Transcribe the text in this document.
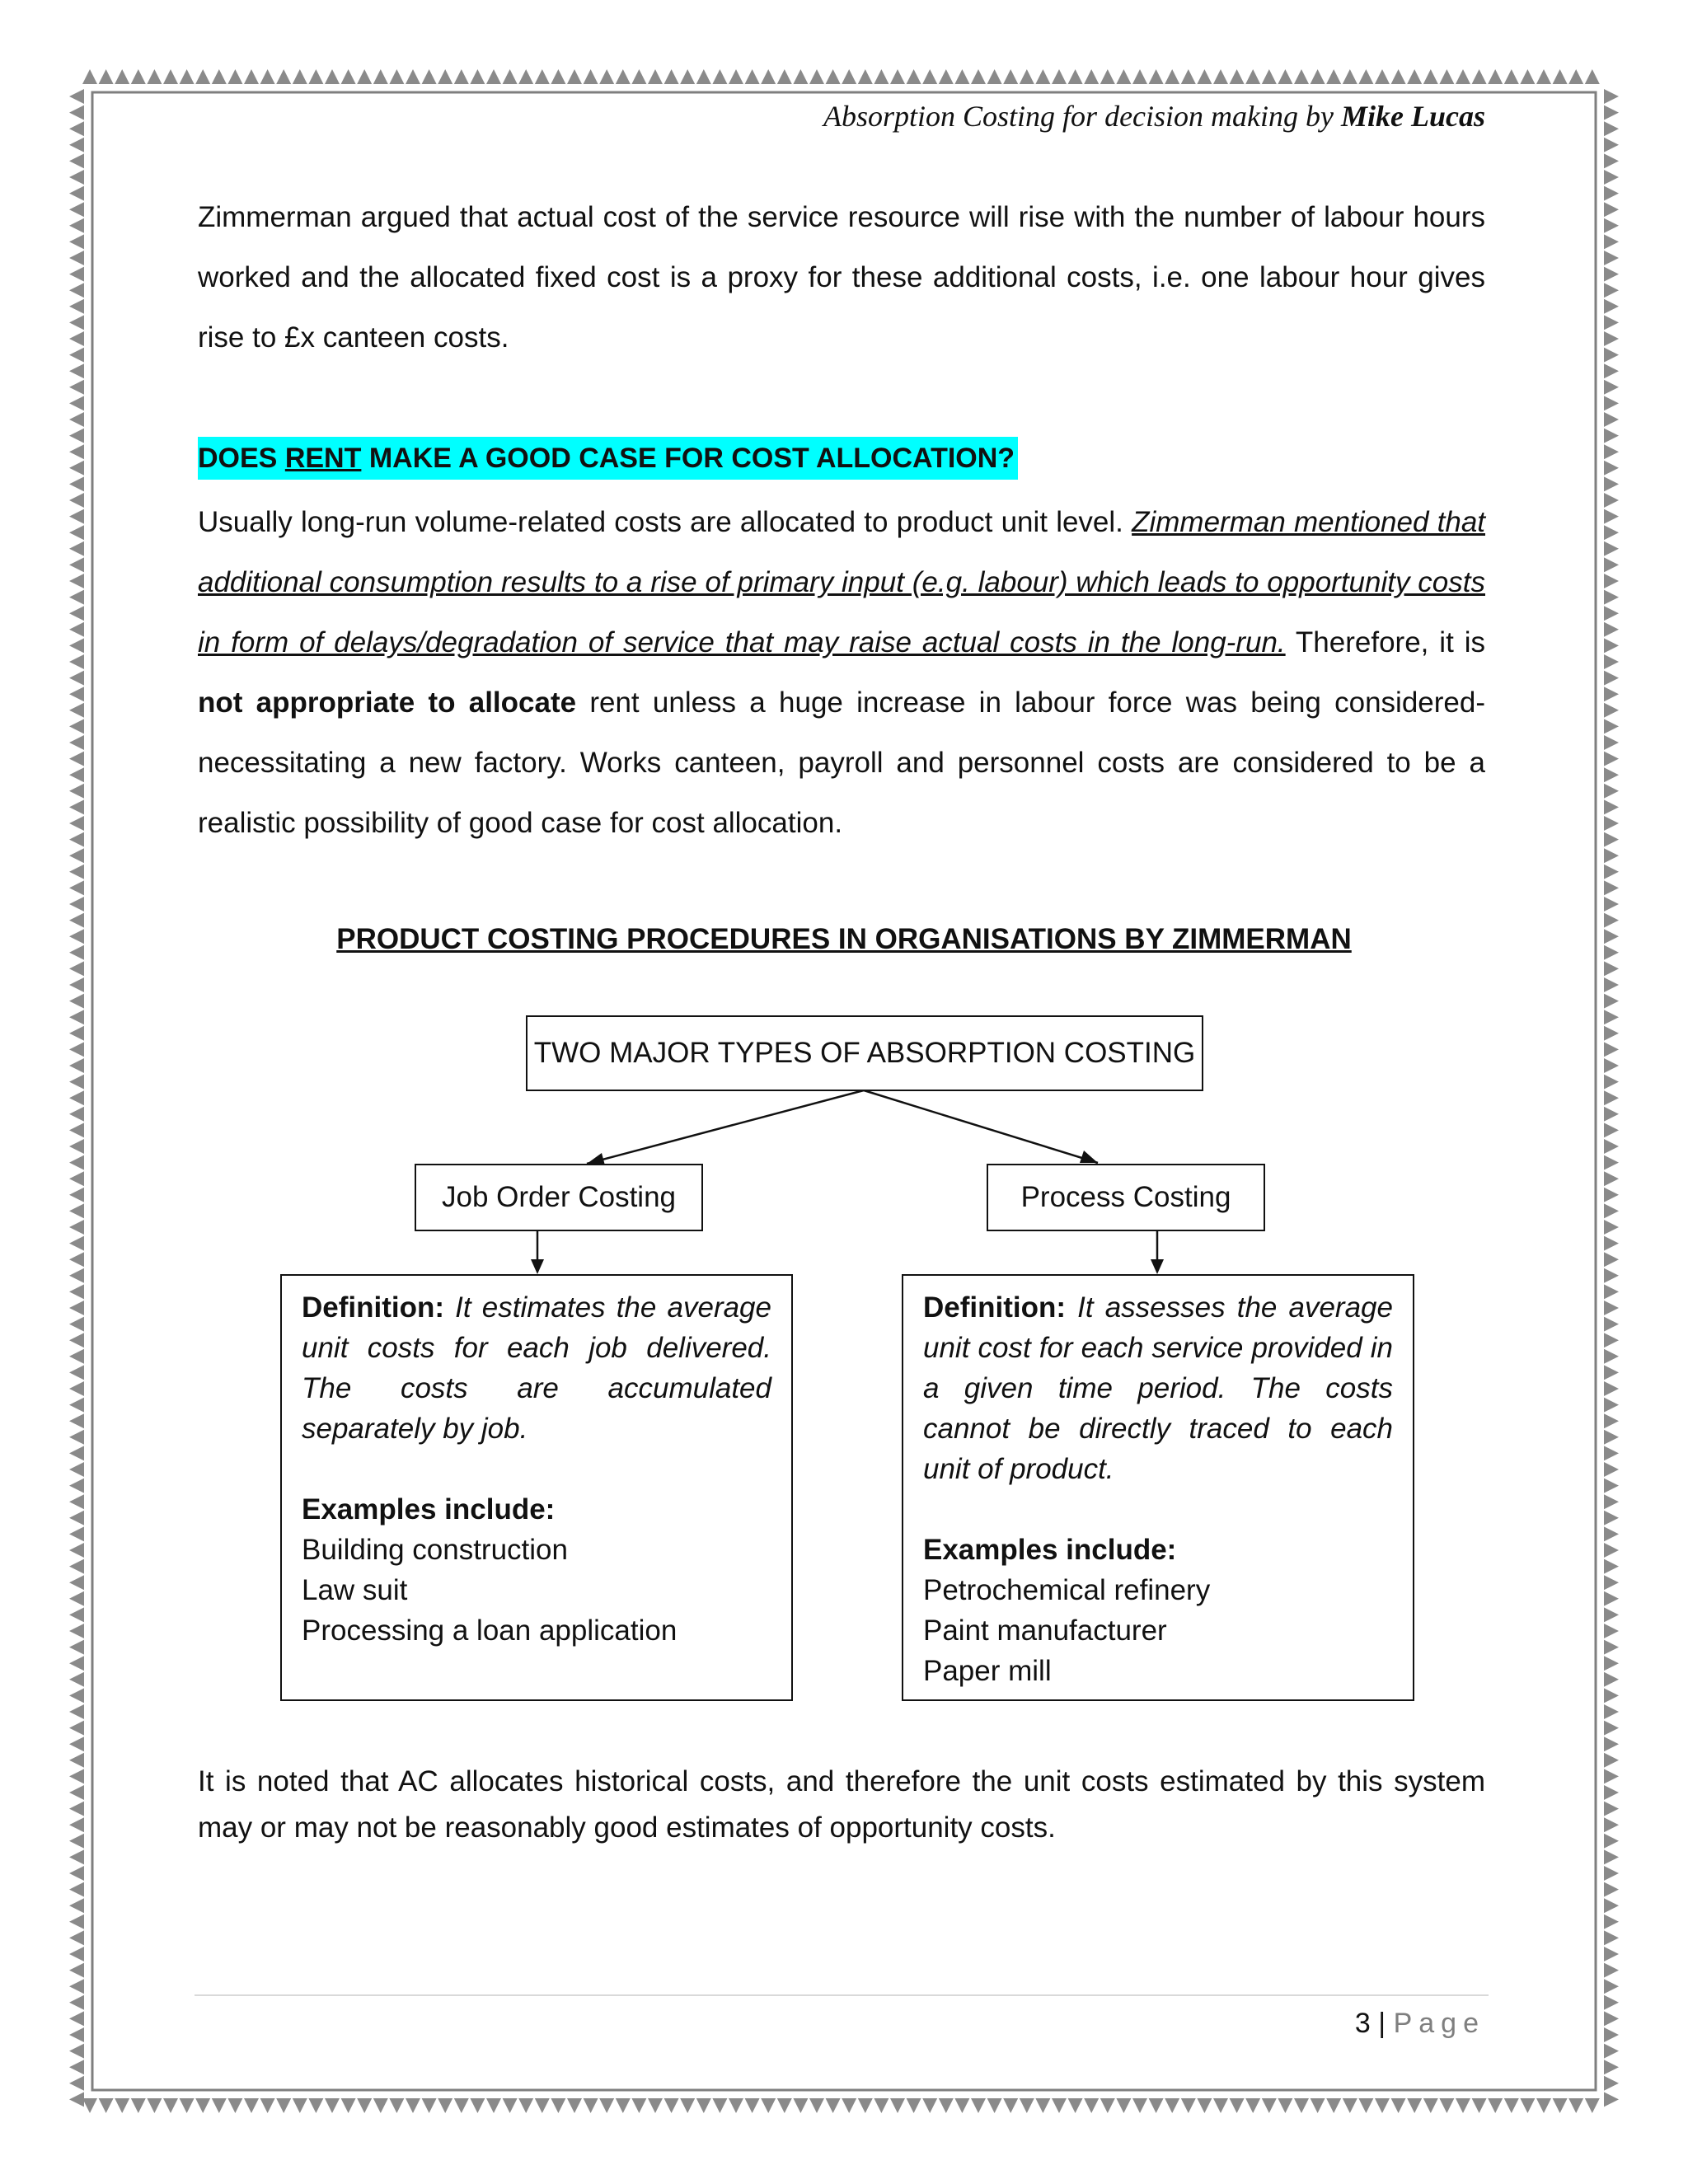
Absorption Costing for decision making by Mike Lucas

Zimmerman argued that actual cost of the service resource will rise with the number of labour hours worked and the allocated fixed cost is a proxy for these additional costs, i.e. one labour hour gives rise to £x canteen costs.

DOES RENT MAKE A GOOD CASE FOR COST ALLOCATION?

Usually long-run volume-related costs are allocated to product unit level. Zimmerman mentioned that additional consumption results to a rise of primary input (e.g. labour) which leads to opportunity costs in form of delays/degradation of service that may raise actual costs in the long-run. Therefore, it is not appropriate to allocate rent unless a huge increase in labour force was being considered-necessitating a new factory. Works canteen, payroll and personnel costs are considered to be a realistic possibility of good case for cost allocation.

PRODUCT COSTING PROCEDURES IN ORGANISATIONS BY ZIMMERMAN
TWO MAJOR TYPES OF ABSORPTION COSTING
Job Order Costing	Process Costing
Definition: It estimates the average unit costs for each job delivered. The costs are accumulated separately by job.
Examples include:
Building construction
Law suit
Processing a loan application
Definition: It assesses the average unit cost for each service provided in a given time period. The costs cannot be directly traced to each unit of product.
Examples include:
Petrochemical refinery
Paint manufacturer
Paper mill

It is noted that AC allocates historical costs, and therefore the unit costs estimated by this system may or may not be reasonably good estimates of opportunity costs.

3 | Page
